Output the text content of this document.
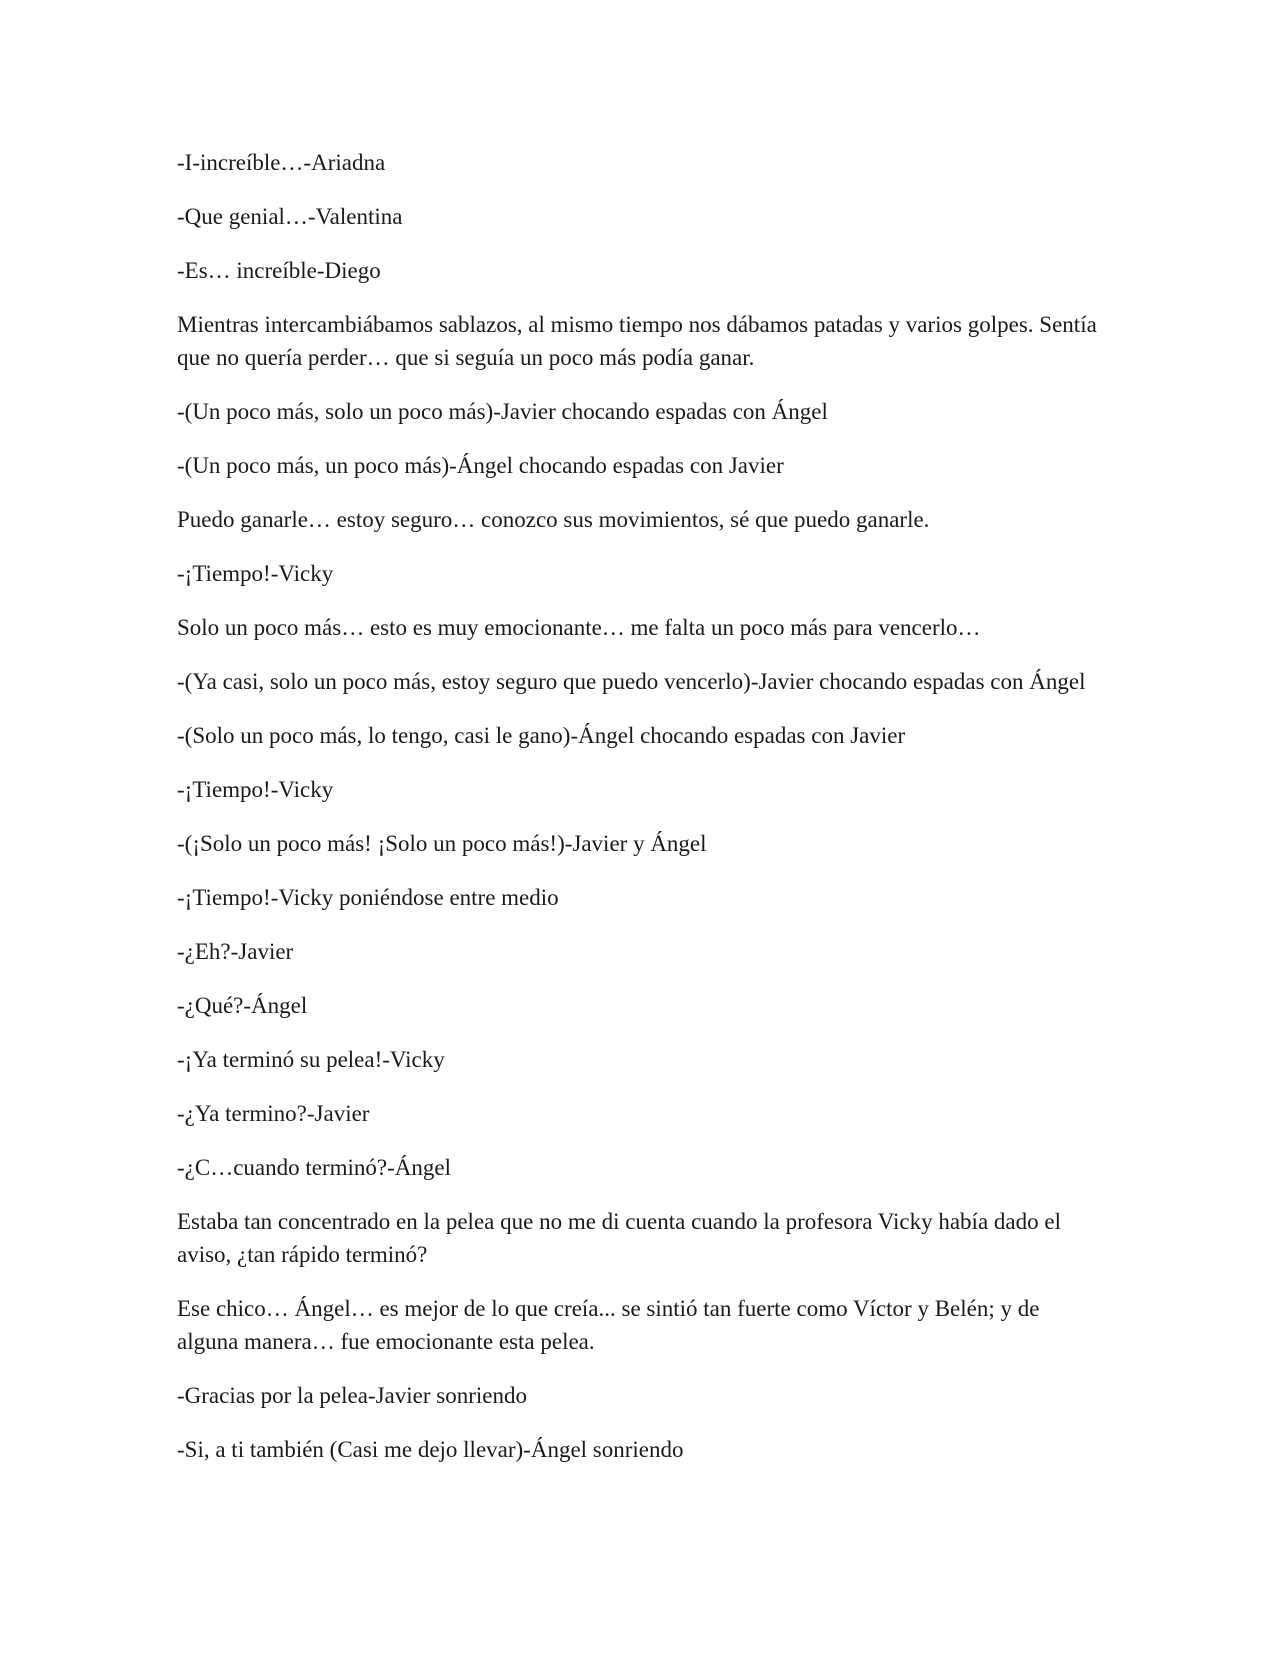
-I-increíble…-Ariadna

-Que genial…-Valentina

-Es… increíble-Diego

Mientras intercambiábamos sablazos, al mismo tiempo nos dábamos patadas y varios golpes. Sentía que no quería perder… que si seguía un poco más podía ganar.

-(Un poco más, solo un poco más)-Javier chocando espadas con Ángel

-(Un poco más, un poco más)-Ángel chocando espadas con Javier

Puedo ganarle… estoy seguro… conozco sus movimientos, sé que puedo ganarle.

-¡Tiempo!-Vicky

Solo un poco más… esto es muy emocionante… me falta un poco más para vencerlo…

-(Ya casi, solo un poco más, estoy seguro que puedo vencerlo)-Javier chocando espadas con Ángel

-(Solo un poco más, lo tengo, casi le gano)-Ángel chocando espadas con Javier

-¡Tiempo!-Vicky

-(¡Solo un poco más! ¡Solo un poco más!)-Javier y Ángel

-¡Tiempo!-Vicky poniéndose entre medio

-¿Eh?-Javier

-¿Qué?-Ángel

-¡Ya terminó su pelea!-Vicky

-¿Ya termino?-Javier

-¿C…cuando terminó?-Ángel

Estaba tan concentrado en la pelea que no me di cuenta cuando la profesora Vicky había dado el aviso, ¿tan rápido terminó?

Ese chico… Ángel… es mejor de lo que creía... se sintió tan fuerte como Víctor y Belén; y de alguna manera… fue emocionante esta pelea.

-Gracias por la pelea-Javier sonriendo

-Si, a ti también (Casi me dejo llevar)-Ángel sonriendo
